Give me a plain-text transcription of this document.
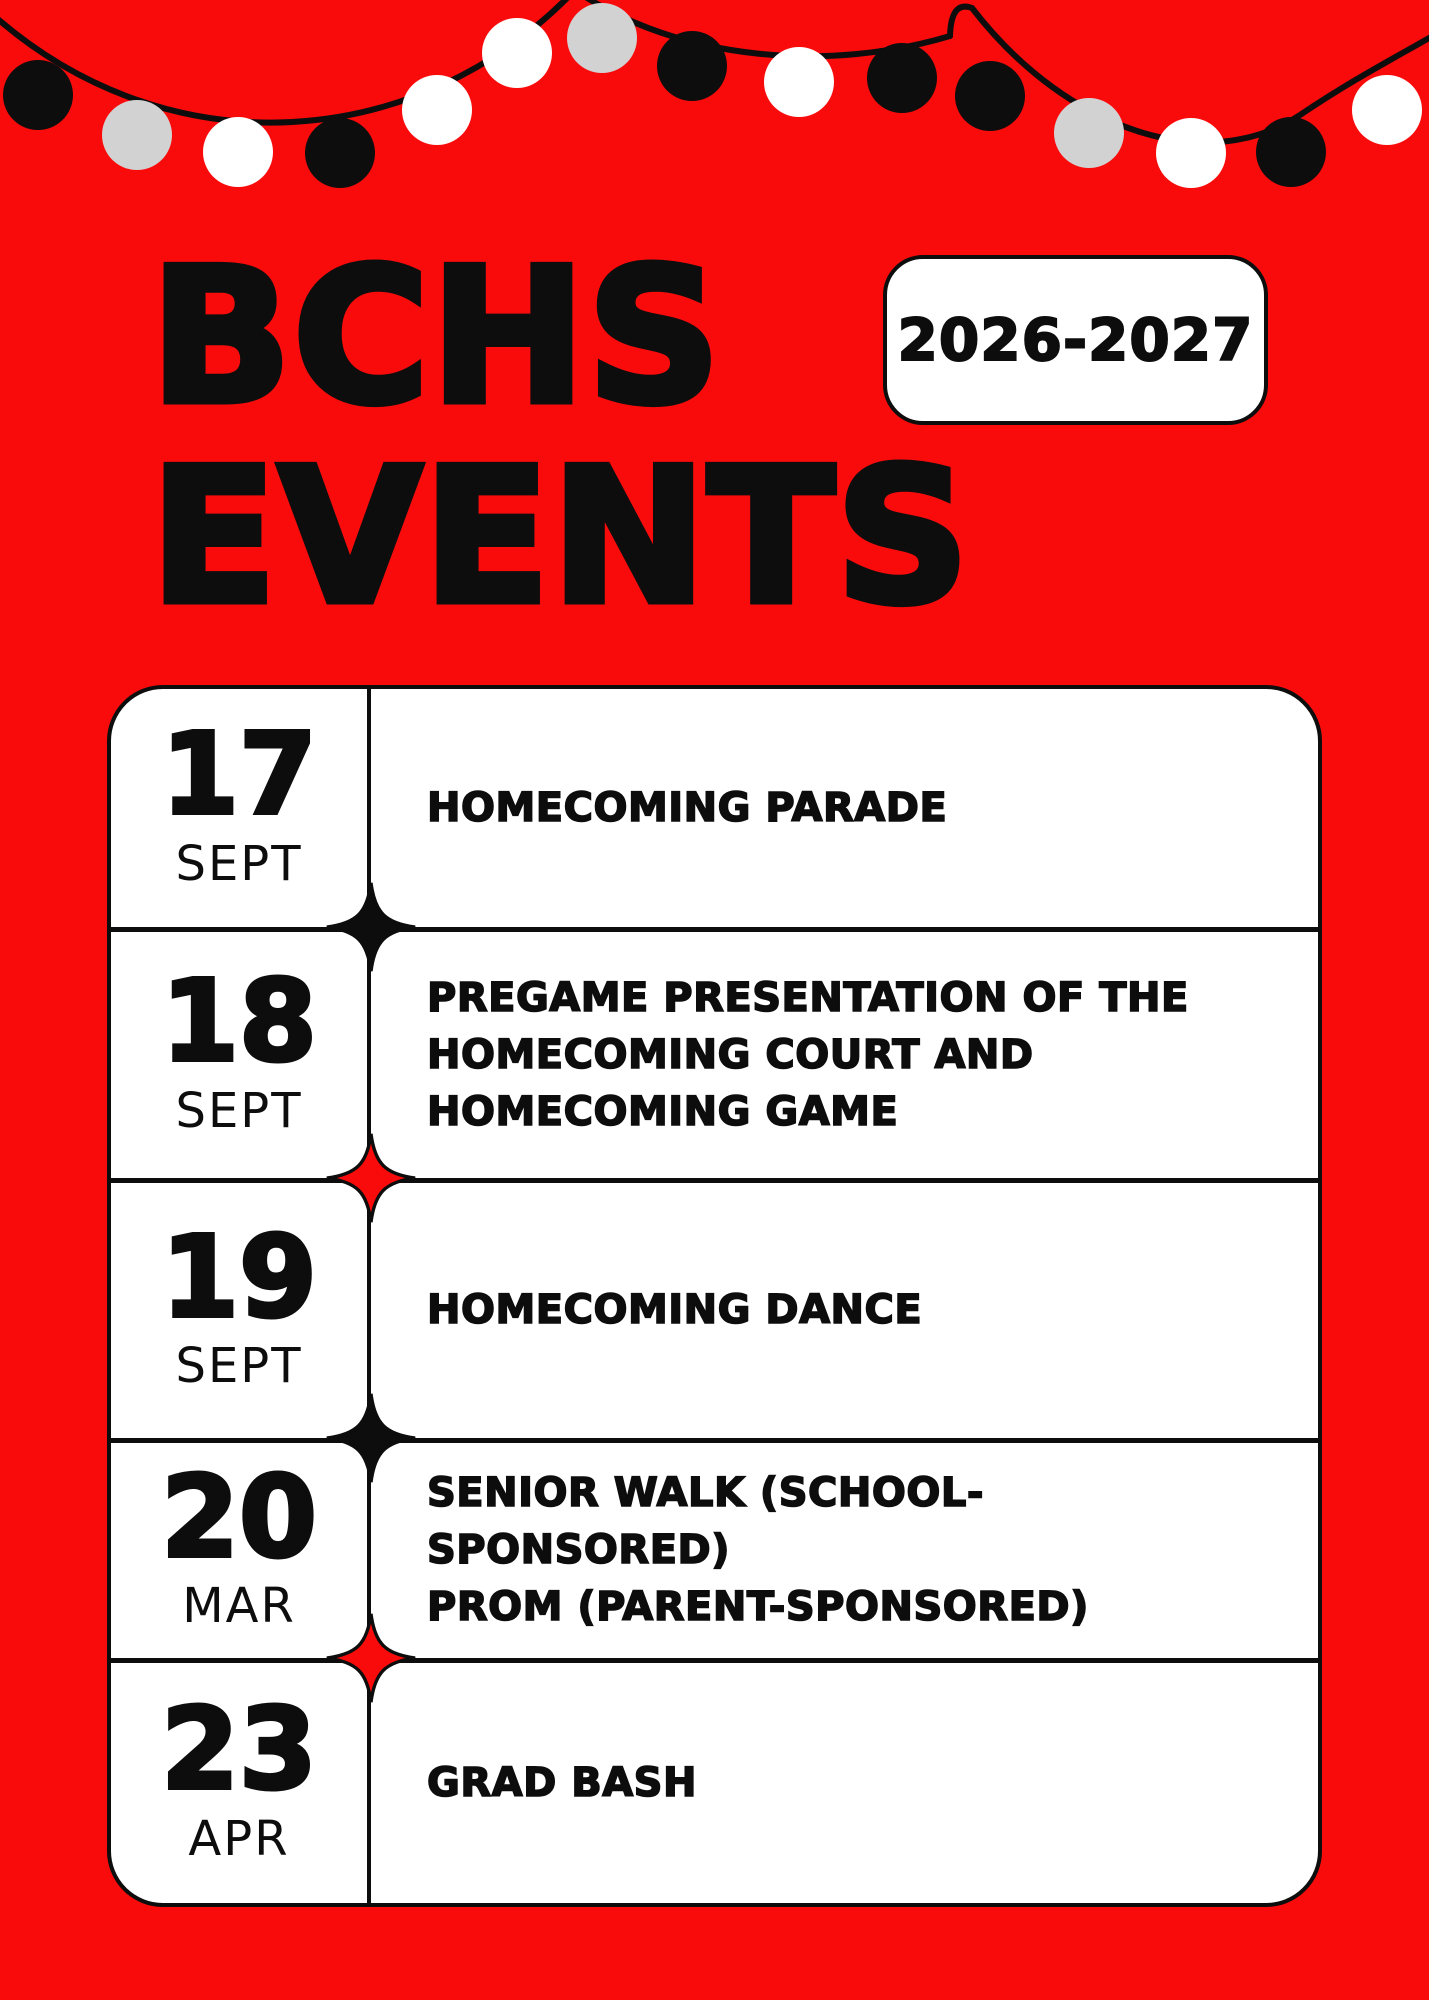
BCHS
EVENTS
2026-2027
17
SEPT
HOMECOMING PARADE
18
SEPT
PREGAME PRESENTATION OF THE
HOMECOMING COURT AND
HOMECOMING GAME
19
SEPT
HOMECOMING DANCE
20
MAR
SENIOR WALK (SCHOOL-SPONSORED)
PROM (PARENT-SPONSORED)
23
APR
GRAD BASH
